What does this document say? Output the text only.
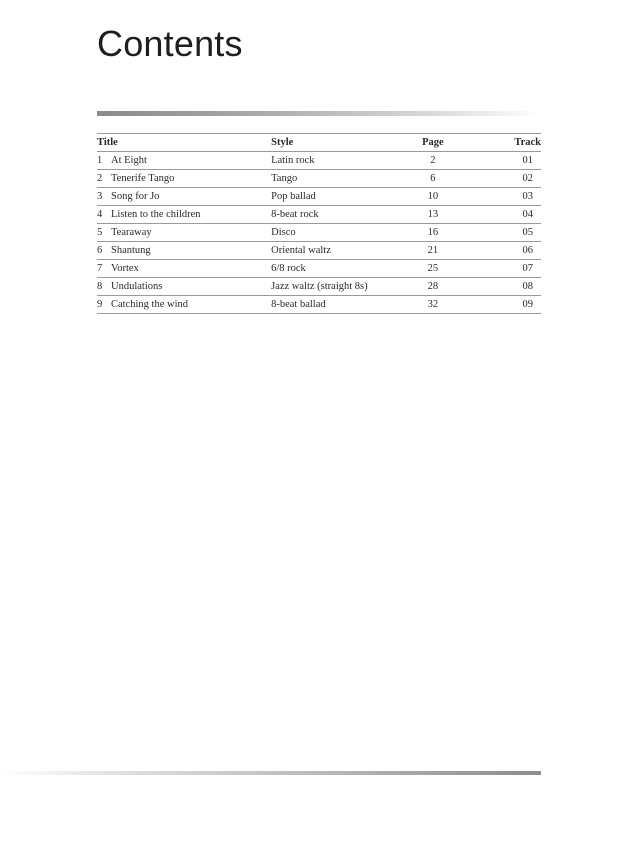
Contents
Title	Style	Page	Track
1 At Eight	Latin rock	2	01
2 Tenerife Tango	Tango	6	02
3 Song for Jo	Pop ballad	10	03
4 Listen to the children	8-beat rock	13	04
5 Tearaway	Disco	16	05
6 Shantung	Oriental waltz	21	06
7 Vortex	6/8 rock	25	07
8 Undulations	Jazz waltz (straight 8s)	28	08
9 Catching the wind	8-beat ballad	32	09
